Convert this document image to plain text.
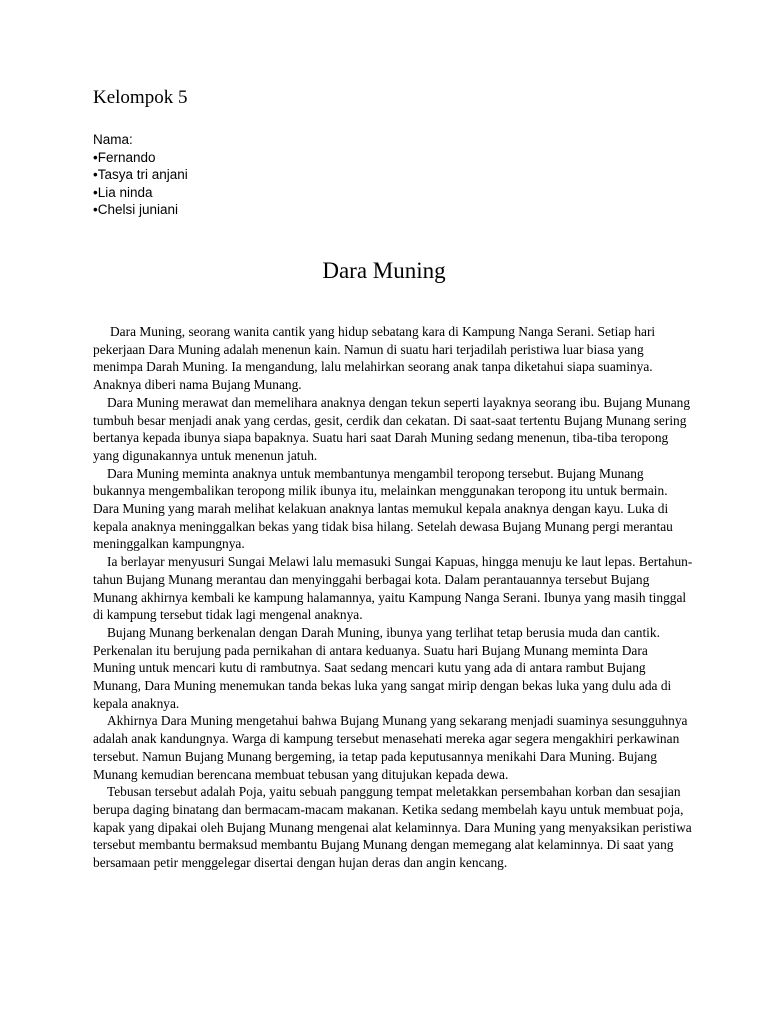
Kelompok 5
Nama:
• Fernando
• Tasya tri anjani
• Lia ninda
• Chelsi juniani
Dara Muning

Dara Muning, seorang wanita cantik yang hidup sebatang kara di Kampung Nanga Serani. Setiap hari pekerjaan Dara Muning adalah menenun kain. Namun di suatu hari terjadilah peristiwa luar biasa yang menimpa Darah Muning. Ia mengandung, lalu melahirkan seorang anak tanpa diketahui siapa suaminya. Anaknya diberi nama Bujang Munang.

Dara Muning merawat dan memelihara anaknya dengan tekun seperti layaknya seorang ibu. Bujang Munang tumbuh besar menjadi anak yang cerdas, gesit, cerdik dan cekatan. Di saat-saat tertentu Bujang Munang sering bertanya kepada ibunya siapa bapaknya. Suatu hari saat Darah Muning sedang menenun, tiba-tiba teropong yang digunakannya untuk menenun jatuh.

Dara Muning meminta anaknya untuk membantunya mengambil teropong tersebut. Bujang Munang bukannya mengembalikan teropong milik ibunya itu, melainkan menggunakan teropong itu untuk bermain. Dara Muning yang marah melihat kelakuan anaknya lantas memukul kepala anaknya dengan kayu. Luka di kepala anaknya meninggalkan bekas yang tidak bisa hilang. Setelah dewasa Bujang Munang pergi merantau meninggalkan kampungnya.

Ia berlayar menyusuri Sungai Melawi lalu memasuki Sungai Kapuas, hingga menuju ke laut lepas. Bertahun-tahun Bujang Munang merantau dan menyinggahi berbagai kota. Dalam perantauannya tersebut Bujang Munang akhirnya kembali ke kampung halamannya, yaitu Kampung Nanga Serani. Ibunya yang masih tinggal di kampung tersebut tidak lagi mengenal anaknya.

Bujang Munang berkenalan dengan Darah Muning, ibunya yang terlihat tetap berusia muda dan cantik. Perkenalan itu berujung pada pernikahan di antara keduanya. Suatu hari Bujang Munang meminta Dara Muning untuk mencari kutu di rambutnya. Saat sedang mencari kutu yang ada di antara rambut Bujang Munang, Dara Muning menemukan tanda bekas luka yang sangat mirip dengan bekas luka yang dulu ada di kepala anaknya.

Akhirnya Dara Muning mengetahui bahwa Bujang Munang yang sekarang menjadi suaminya sesungguhnya adalah anak kandungnya. Warga di kampung tersebut menasehati mereka agar segera mengakhiri perkawinan tersebut. Namun Bujang Munang bergeming, ia tetap pada keputusannya menikahi Dara Muning. Bujang Munang kemudian berencana membuat tebusan yang ditujukan kepada dewa.

Tebusan tersebut adalah Poja, yaitu sebuah panggung tempat meletakkan persembahan korban dan sesajian berupa daging binatang dan bermacam-macam makanan. Ketika sedang membelah kayu untuk membuat poja, kapak yang dipakai oleh Bujang Munang mengenai alat kelaminnya. Dara Muning yang menyaksikan peristiwa tersebut membantu bermaksud membantu Bujang Munang dengan memegang alat kelaminnya. Di saat yang bersamaan petir menggelegar disertai dengan hujan deras dan angin kencang.
